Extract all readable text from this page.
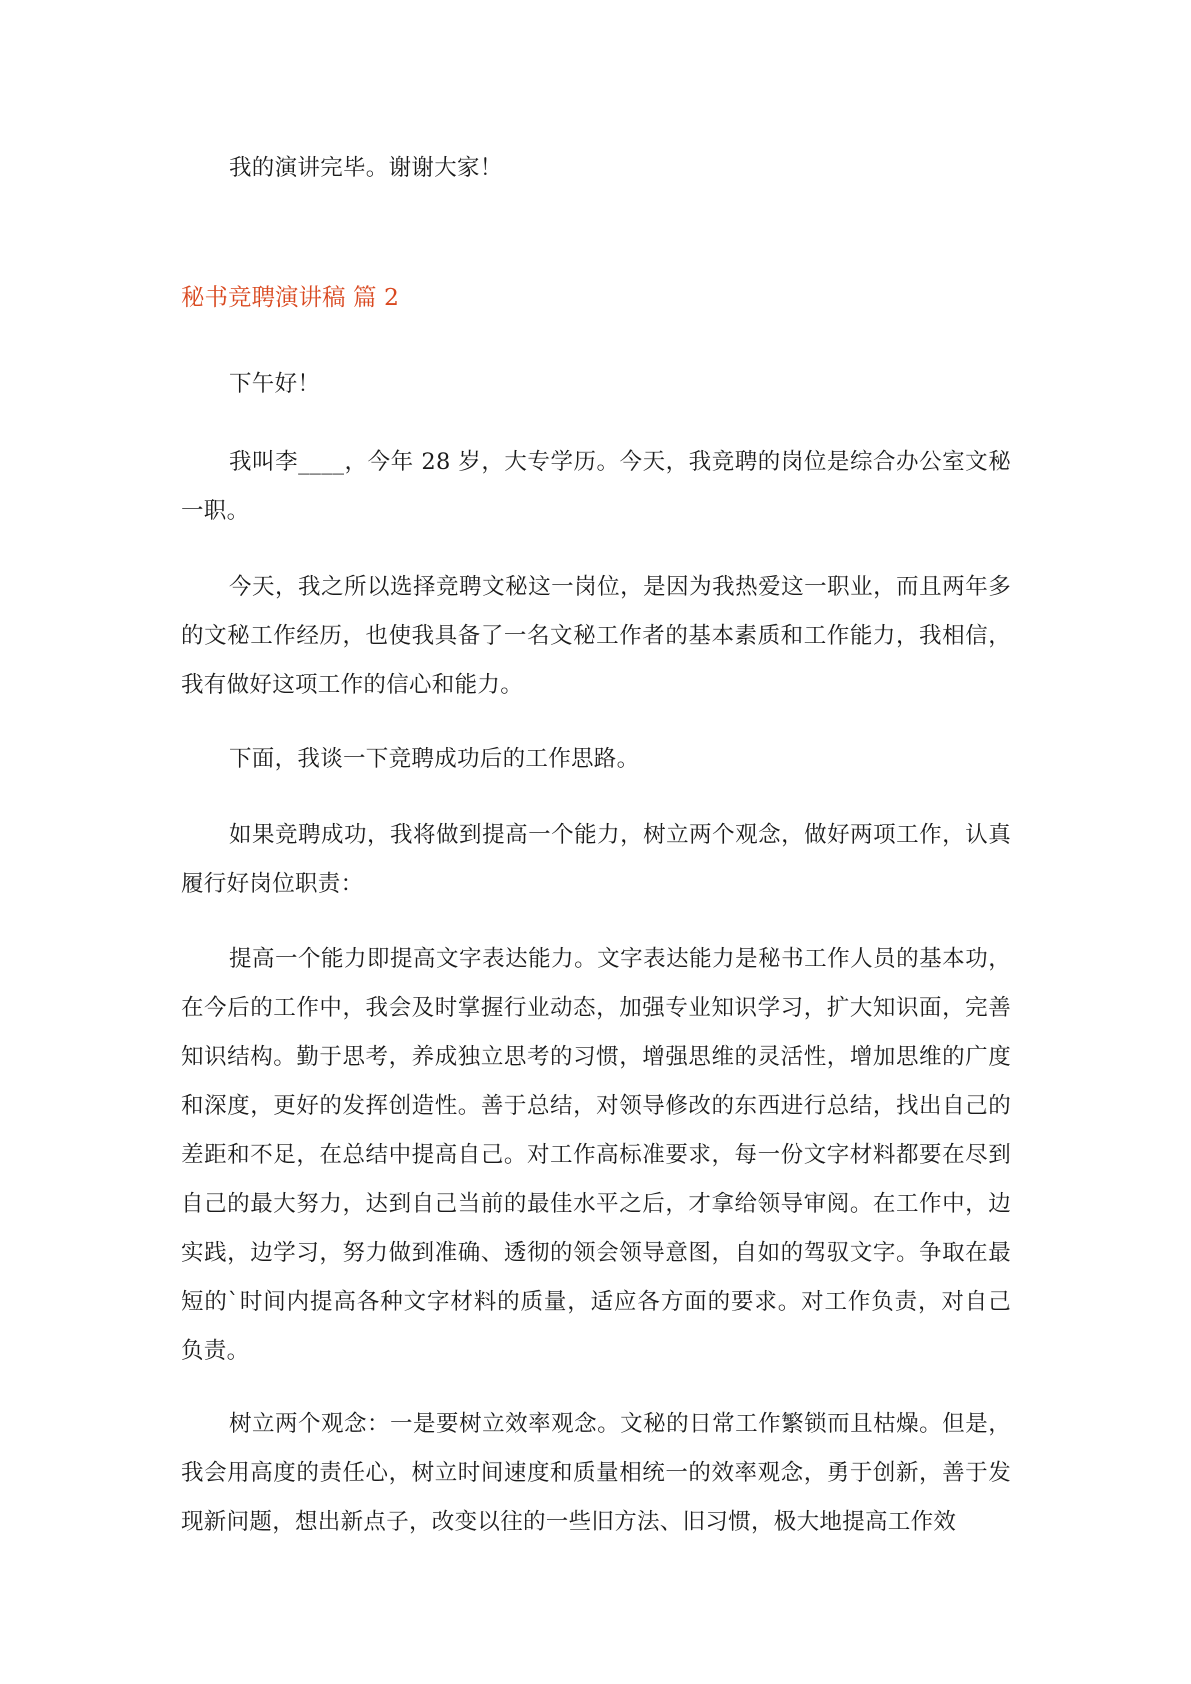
我的演讲完毕。谢谢大家！

秘书竞聘演讲稿 篇 2

下午好！

我叫李____，今年 28 岁，大专学历。今天，我竞聘的岗位是综合办公室文秘一职。

今天，我之所以选择竞聘文秘这一岗位，是因为我热爱这一职业，而且两年多的文秘工作经历，也使我具备了一名文秘工作者的基本素质和工作能力，我相信，我有做好这项工作的信心和能力。

下面，我谈一下竞聘成功后的工作思路。

如果竞聘成功，我将做到提高一个能力，树立两个观念，做好两项工作，认真履行好岗位职责：

提高一个能力即提高文字表达能力。文字表达能力是秘书工作人员的基本功，在今后的工作中，我会及时掌握行业动态，加强专业知识学习，扩大知识面，完善知识结构。勤于思考，养成独立思考的习惯，增强思维的灵活性，增加思维的广度和深度，更好的发挥创造性。善于总结，对领导修改的东西进行总结，找出自己的差距和不足，在总结中提高自己。对工作高标准要求，每一份文字材料都要在尽到自己的最大努力，达到自己当前的最佳水平之后，才拿给领导审阅。在工作中，边实践，边学习，努力做到准确、透彻的领会领导意图，自如的驾驭文字。争取在最短的`时间内提高各种文字材料的质量，适应各方面的要求。对工作负责，对自己负责。

树立两个观念：一是要树立效率观念。文秘的日常工作繁锁而且枯燥。但是，我会用高度的责任心，树立时间速度和质量相统一的效率观念，勇于创新，善于发现新问题，想出新点子，改变以往的一些旧方法、旧习惯，极大地提高工作效
